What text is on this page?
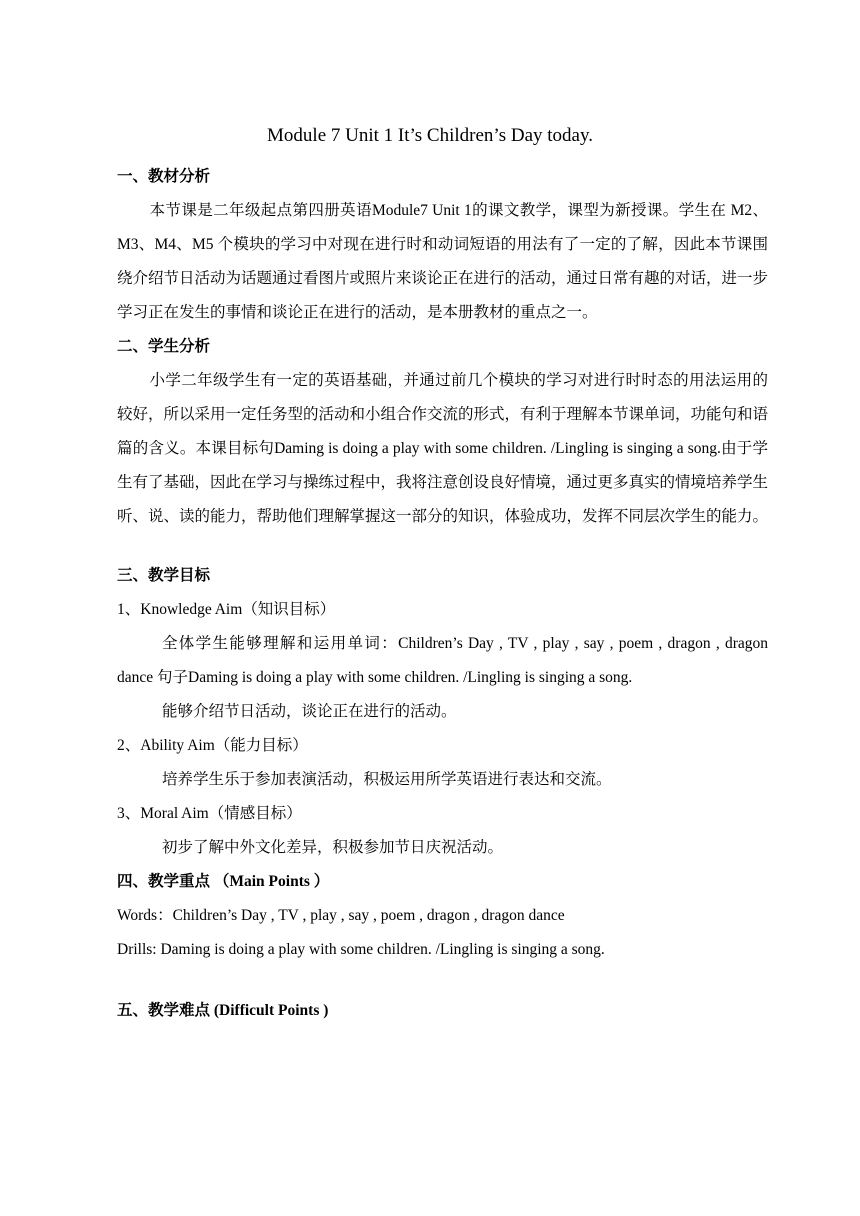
Module 7 Unit 1 It’s Children’s Day today.

一、教材分析

本节课是二年级起点第四册英语Module7 Unit 1的课文教学，课型为新授课。学生在 M2、M3、M4、M5 个模块的学习中对现在进行时和动词短语的用法有了一定的了解，因此本节课围绕介绍节日活动为话题通过看图片或照片来谈论正在进行的活动，通过日常有趣的对话，进一步学习正在发生的事情和谈论正在进行的活动，是本册教材的重点之一。

二、学生分析

小学二年级学生有一定的英语基础，并通过前几个模块的学习对进行时时态的用法运用的较好，所以采用一定任务型的活动和小组合作交流的形式，有利于理解本节课单词，功能句和语篇的含义。本课目标句Daming is doing a play with some children. /Lingling is singing a song.由于学生有了基础，因此在学习与操练过程中，我将注意创设良好情境，通过更多真实的情境培养学生听、说、读的能力，帮助他们理解掌握这一部分的知识，体验成功，发挥不同层次学生的能力。

三、教学目标

1、Knowledge Aim（知识目标）

全体学生能够理解和运用单词：Children’s Day , TV , play , say , poem , dragon , dragon dance 句子Daming is doing a play with some children. /Lingling is singing a song.

能够介绍节日活动，谈论正在进行的活动。

2、Ability Aim（能力目标）

培养学生乐于参加表演活动，积极运用所学英语进行表达和交流。

3、Moral Aim（情感目标）

初步了解中外文化差异，积极参加节日庆祝活动。

四、教学重点 （Main Points ）

Words：Children’s Day , TV , play , say , poem , dragon , dragon dance

Drills: Daming is doing a play with some children. /Lingling is singing a song.

五、教学难点 (Difficult Points )
